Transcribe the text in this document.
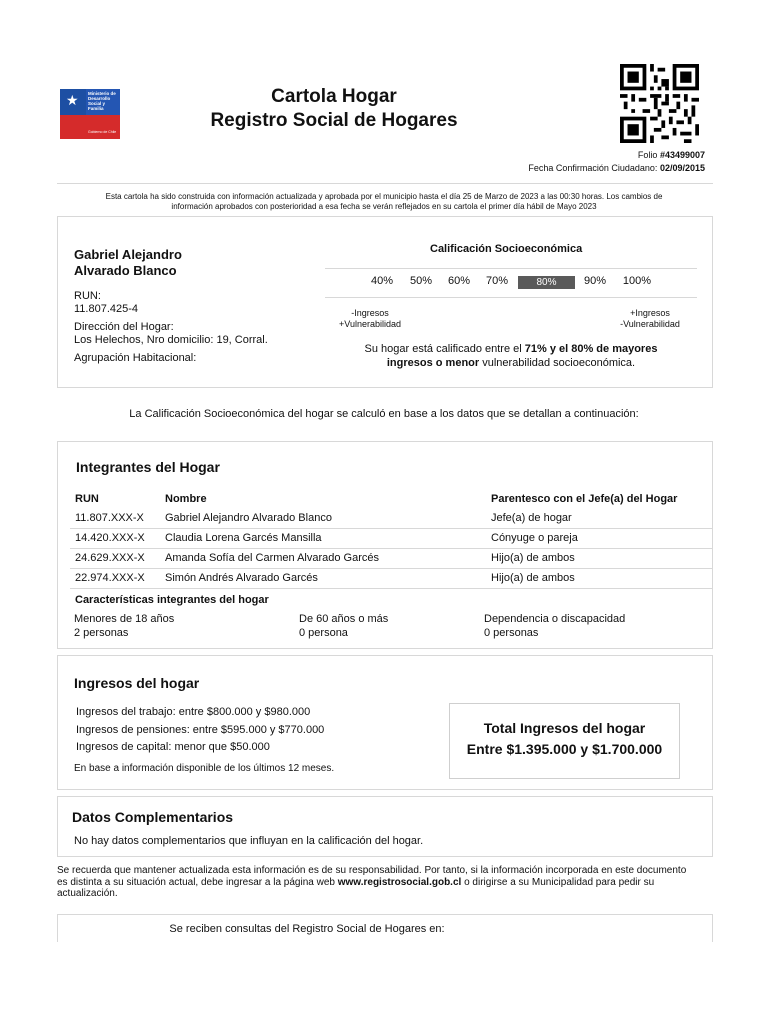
★ Ministerio de Desarrollo Social y Familia
Gobierno de Chile
Cartola Hogar
Registro Social de Hogares
Folio #43499007
Fecha Confirmación Ciudadano: 02/09/2015
Esta cartola ha sido construida con información actualizada y aprobada por el municipio hasta el día 25 de Marzo de 2023 a las 00:30 horas. Los cambios de
información aprobados con posterioridad a esa fecha se verán reflejados en su cartola el primer día hábil de Mayo 2023
Gabriel Alejandro
Alvarado Blanco
RUN:
11.807.425-4
Dirección del Hogar:
Los Helechos, Nro domicilio: 19, Corral.
Agrupación Habitacional:
Calificación Socioeconómica
40%	50%	60%	70%	80%	90%	100%
-Ingresos
+Vulnerabilidad
+Ingresos
-Vulnerabilidad
Su hogar está calificado entre el 71% y el 80% de mayores
ingresos o menor vulnerabilidad socioeconómica.
La Calificación Socioeconómica del hogar se calculó en base a los datos que se detallan a continuación:
Integrantes del Hogar
RUN	Nombre	Parentesco con el Jefe(a) del Hogar
11.807.XXX-X	Gabriel Alejandro Alvarado Blanco	Jefe(a) de hogar
14.420.XXX-X	Claudia Lorena Garcés Mansilla	Cónyuge o pareja
24.629.XXX-X	Amanda Sofía del Carmen Alvarado Garcés	Hijo(a) de ambos
22.974.XXX-X	Simón Andrés Alvarado Garcés	Hijo(a) de ambos
Características integrantes del hogar
Menores de 18 años
2 personas
De 60 años o más
0 persona
Dependencia o discapacidad
0 personas
Ingresos del hogar
Ingresos del trabajo: entre $800.000 y $980.000
Ingresos de pensiones: entre $595.000 y $770.000
Ingresos de capital: menor que $50.000
En base a información disponible de los últimos 12 meses.
Total Ingresos del hogar
Entre $1.395.000 y $1.700.000
Datos Complementarios
No hay datos complementarios que influyan en la calificación del hogar.
Se recuerda que mantener actualizada esta información es de su responsabilidad. Por tanto, si la información incorporada en este documento
es distinta a su situación actual, debe ingresar a la página web www.registrosocial.gob.cl o dirigirse a su Municipalidad para pedir su
actualización.
Se reciben consultas del Registro Social de Hogares en:
